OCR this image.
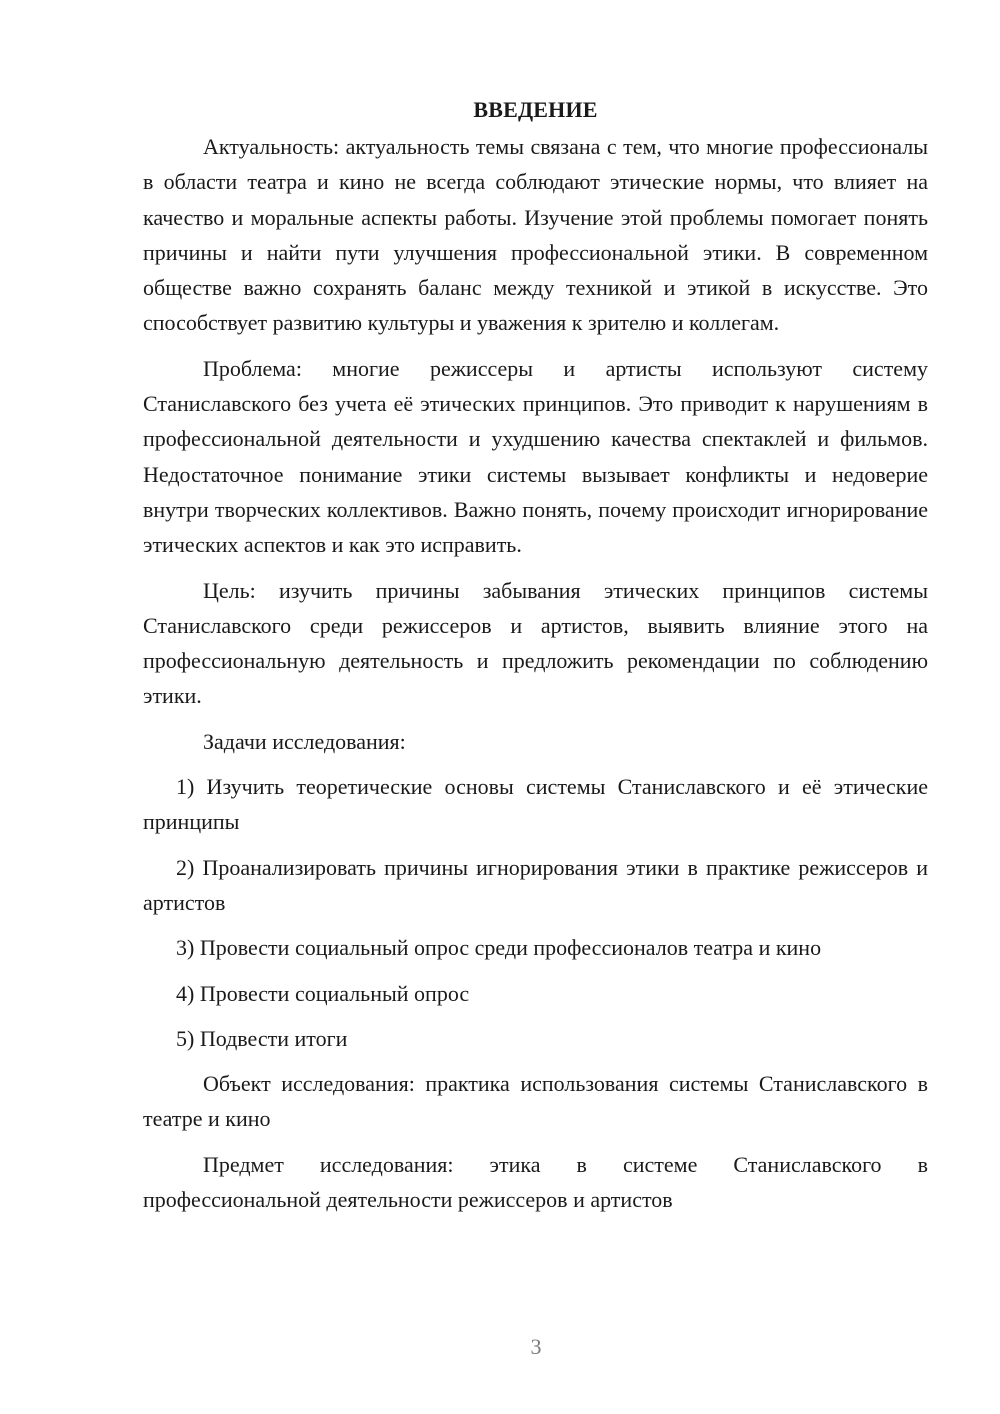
ВВЕДЕНИЕ

Актуальность: актуальность темы связана с тем, что многие профессионалы в области театра и кино не всегда соблюдают этические нормы, что влияет на качество и моральные аспекты работы. Изучение этой проблемы помогает понять причины и найти пути улучшения профессиональной этики. В современном обществе важно сохранять баланс между техникой и этикой в искусстве. Это способствует развитию культуры и уважения к зрителю и коллегам.

Проблема: многие режиссеры и артисты используют систему Станиславского без учета её этических принципов. Это приводит к нарушениям в профессиональной деятельности и ухудшению качества спектаклей и фильмов. Недостаточное понимание этики системы вызывает конфликты и недоверие внутри творческих коллективов. Важно понять, почему происходит игнорирование этических аспектов и как это исправить.

Цель: изучить причины забывания этических принципов системы Станиславского среди режиссеров и артистов, выявить влияние этого на профессиональную деятельность и предложить рекомендации по соблюдению этики.

Задачи исследования:

1) Изучить теоретические основы системы Станиславского и её этические принципы

2) Проанализировать причины игнорирования этики в практике режиссеров и артистов

3) Провести социальный опрос среди профессионалов театра и кино

4) Провести социальный опрос

5) Подвести итоги

Объект исследования: практика использования системы Станиславского в театре и кино

Предмет исследования: этика в системе Станиславского в профессиональной деятельности режиссеров и артистов

3
